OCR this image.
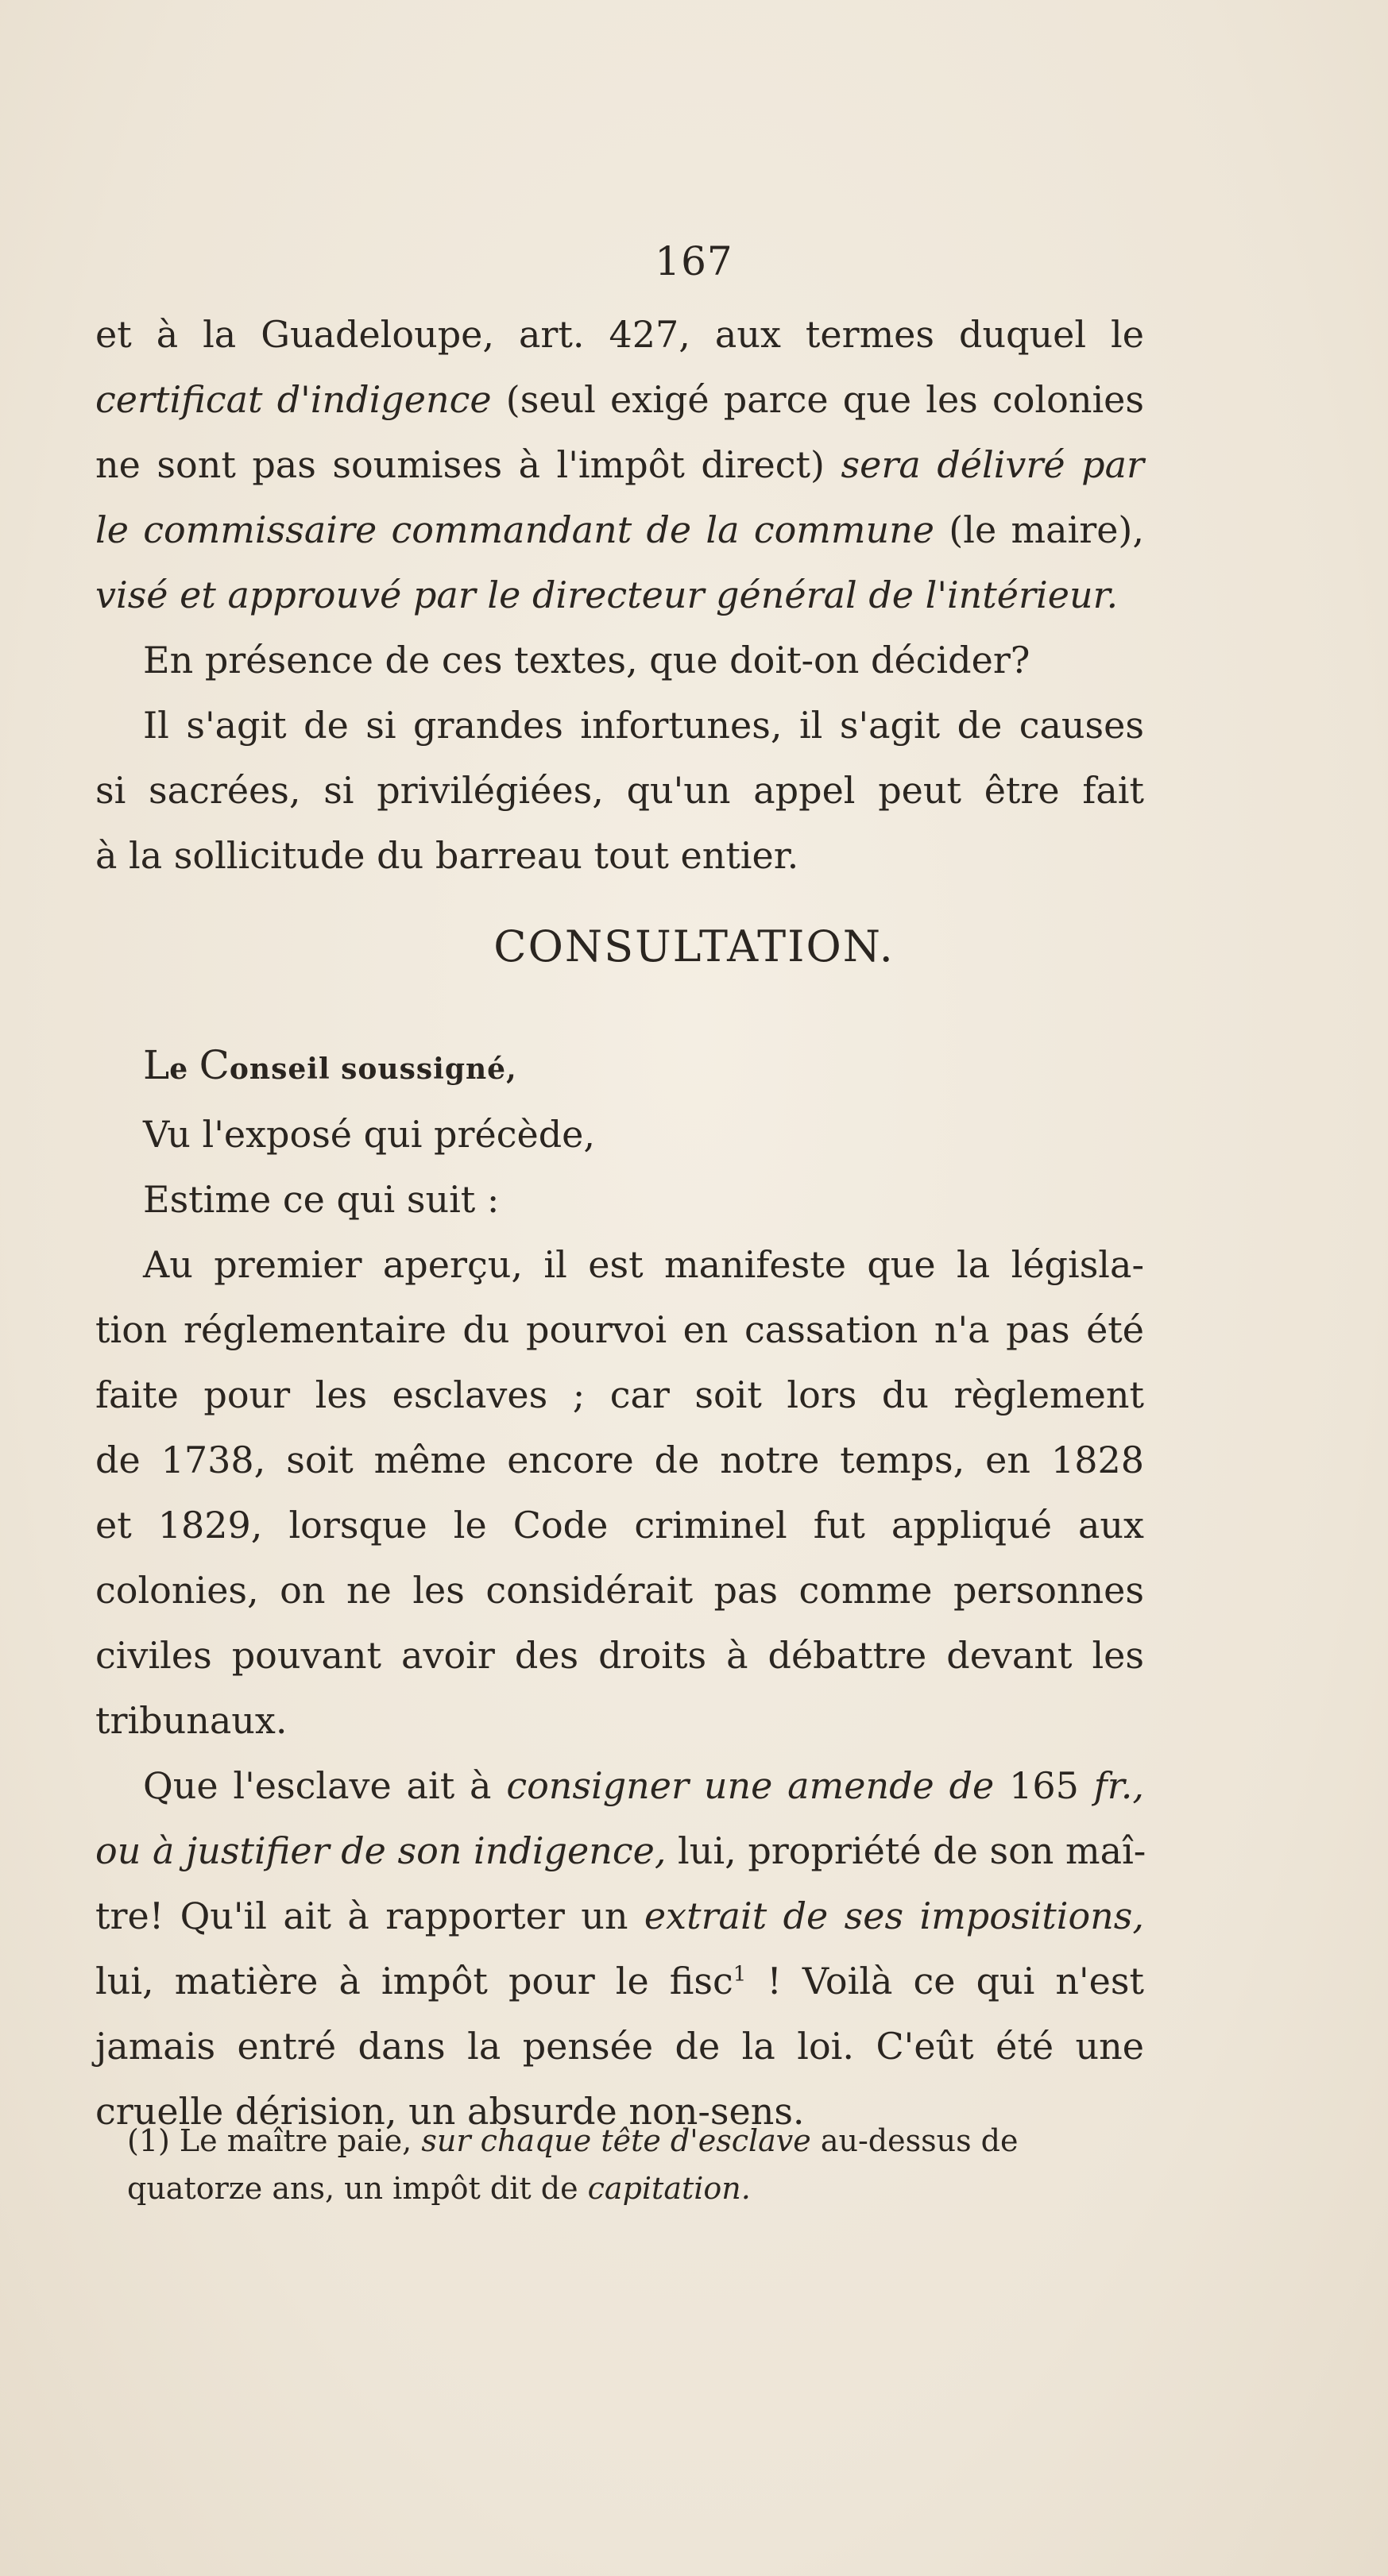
167
et à la Guadeloupe, art. 427, aux termes duquel le
certificat d'indigence (seul exigé parce que les colonies
ne sont pas soumises à l'impôt direct) sera délivré par
le commissaire commandant de la commune (le maire),
visé et approuvé par le directeur général de l'intérieur.
En présence de ces textes, que doit-on décider?
Il s'agit de si grandes infortunes, il s'agit de causes
si sacrées, si privilégiées, qu'un appel peut être fait
à la sollicitude du barreau tout entier.
CONSULTATION.
Le Conseil soussigné,
Vu l'exposé qui précède,
Estime ce qui suit :
Au premier aperçu, il est manifeste que la législa-
tion réglementaire du pourvoi en cassation n'a pas été
faite pour les esclaves ; car soit lors du règlement
de 1738, soit même encore de notre temps, en 1828
et 1829, lorsque le Code criminel fut appliqué aux
colonies, on ne les considérait pas comme personnes
civiles pouvant avoir des droits à débattre devant les
tribunaux.
Que l'esclave ait à consigner une amende de 165 fr.,
ou à justifier de son indigence, lui, propriété de son maî-
tre! Qu'il ait à rapporter un extrait de ses impositions,
lui, matière à impôt pour le fisc$^1$ ! Voilà ce qui n'est
jamais entré dans la pensée de la loi. C'eût été une
cruelle dérision, un absurde non-sens.
(1) Le maître paie, sur chaque tête d'esclave au-dessus de
quatorze ans, un impôt dit de capitation.
